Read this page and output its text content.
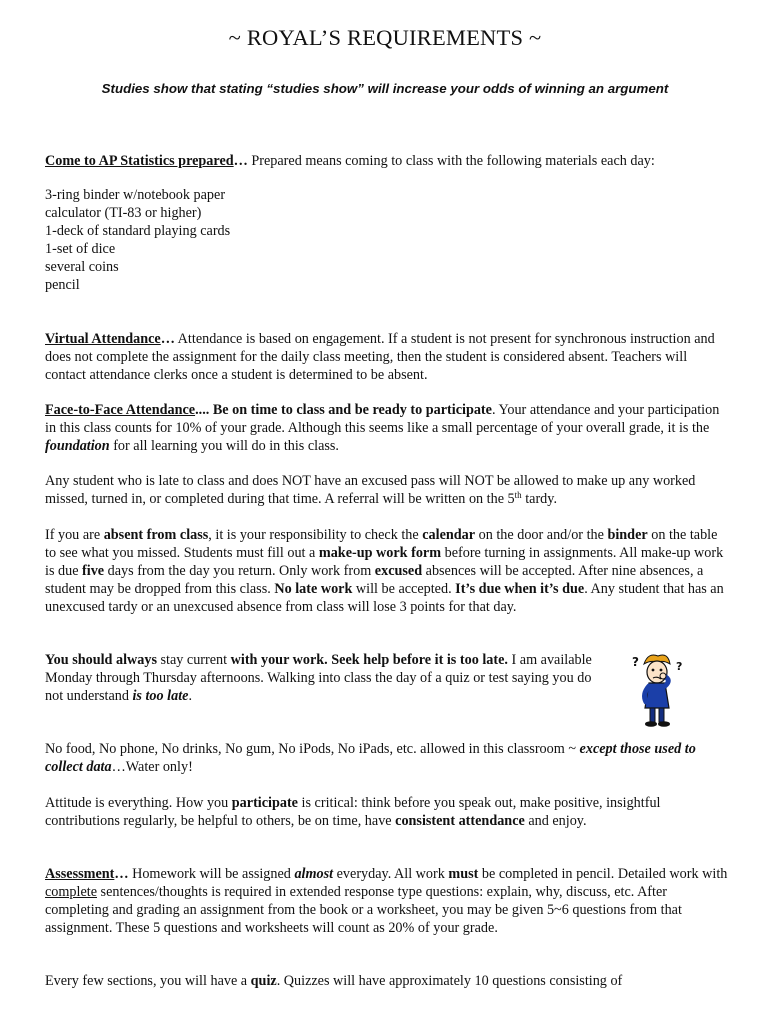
~ ROYAL’S REQUIREMENTS ~
Studies show that stating “studies show” will increase your odds of winning an argument

Come to AP Statistics prepared… Prepared means coming to class with the following materials each day:

3-ring binder w/notebook paper
calculator (TI-83 or higher)
1-deck of standard playing cards
1-set of dice
several coins
pencil

Virtual Attendance… Attendance is based on engagement. If a student is not present for synchronous instruction and does not complete the assignment for the daily class meeting, then the student is considered absent. Teachers will contact attendance clerks once a student is determined to be absent.

Face-to-Face Attendance.... Be on time to class and be ready to participate. Your attendance and your participation in this class counts for 10% of your grade. Although this seems like a small percentage of your overall grade, it is the foundation for all learning you will do in this class.

Any student who is late to class and does NOT have an excused pass will NOT be allowed to make up any worked missed, turned in, or completed during that time. A referral will be written on the 5th tardy.

If you are absent from class, it is your responsibility to check the calendar on the door and/or the binder on the table to see what you missed. Students must fill out a make-up work form before turning in assignments. All make-up work is due five days from the day you return. Only work from excused absences will be accepted. After nine absences, a student may be dropped from this class. No late work will be accepted. It’s due when it’s due. Any student that has an unexcused tardy or an unexcused absence from class will lose 3 points for that day.

You should always stay current with your work. Seek help before it is too late. I am available Monday through Thursday afternoons. Walking into class the day of a quiz or test saying you do not understand is too late.

?	?

No food, No phone, No drinks, No gum, No iPods, No iPads, etc. allowed in this classroom ~ except those used to collect data…Water only!

Attitude is everything. How you participate is critical: think before you speak out, make positive, insightful contributions regularly, be helpful to others, be on time, have consistent attendance and enjoy.

Assessment… Homework will be assigned almost everyday. All work must be completed in pencil. Detailed work with complete sentences/thoughts is required in extended response type questions: explain, why, discuss, etc. After completing and grading an assignment from the book or a worksheet, you may be given 5~6 questions from that assignment. These 5 questions and worksheets will count as 20% of your grade.

Every few sections, you will have a quiz. Quizzes will have approximately 10 questions consisting of
